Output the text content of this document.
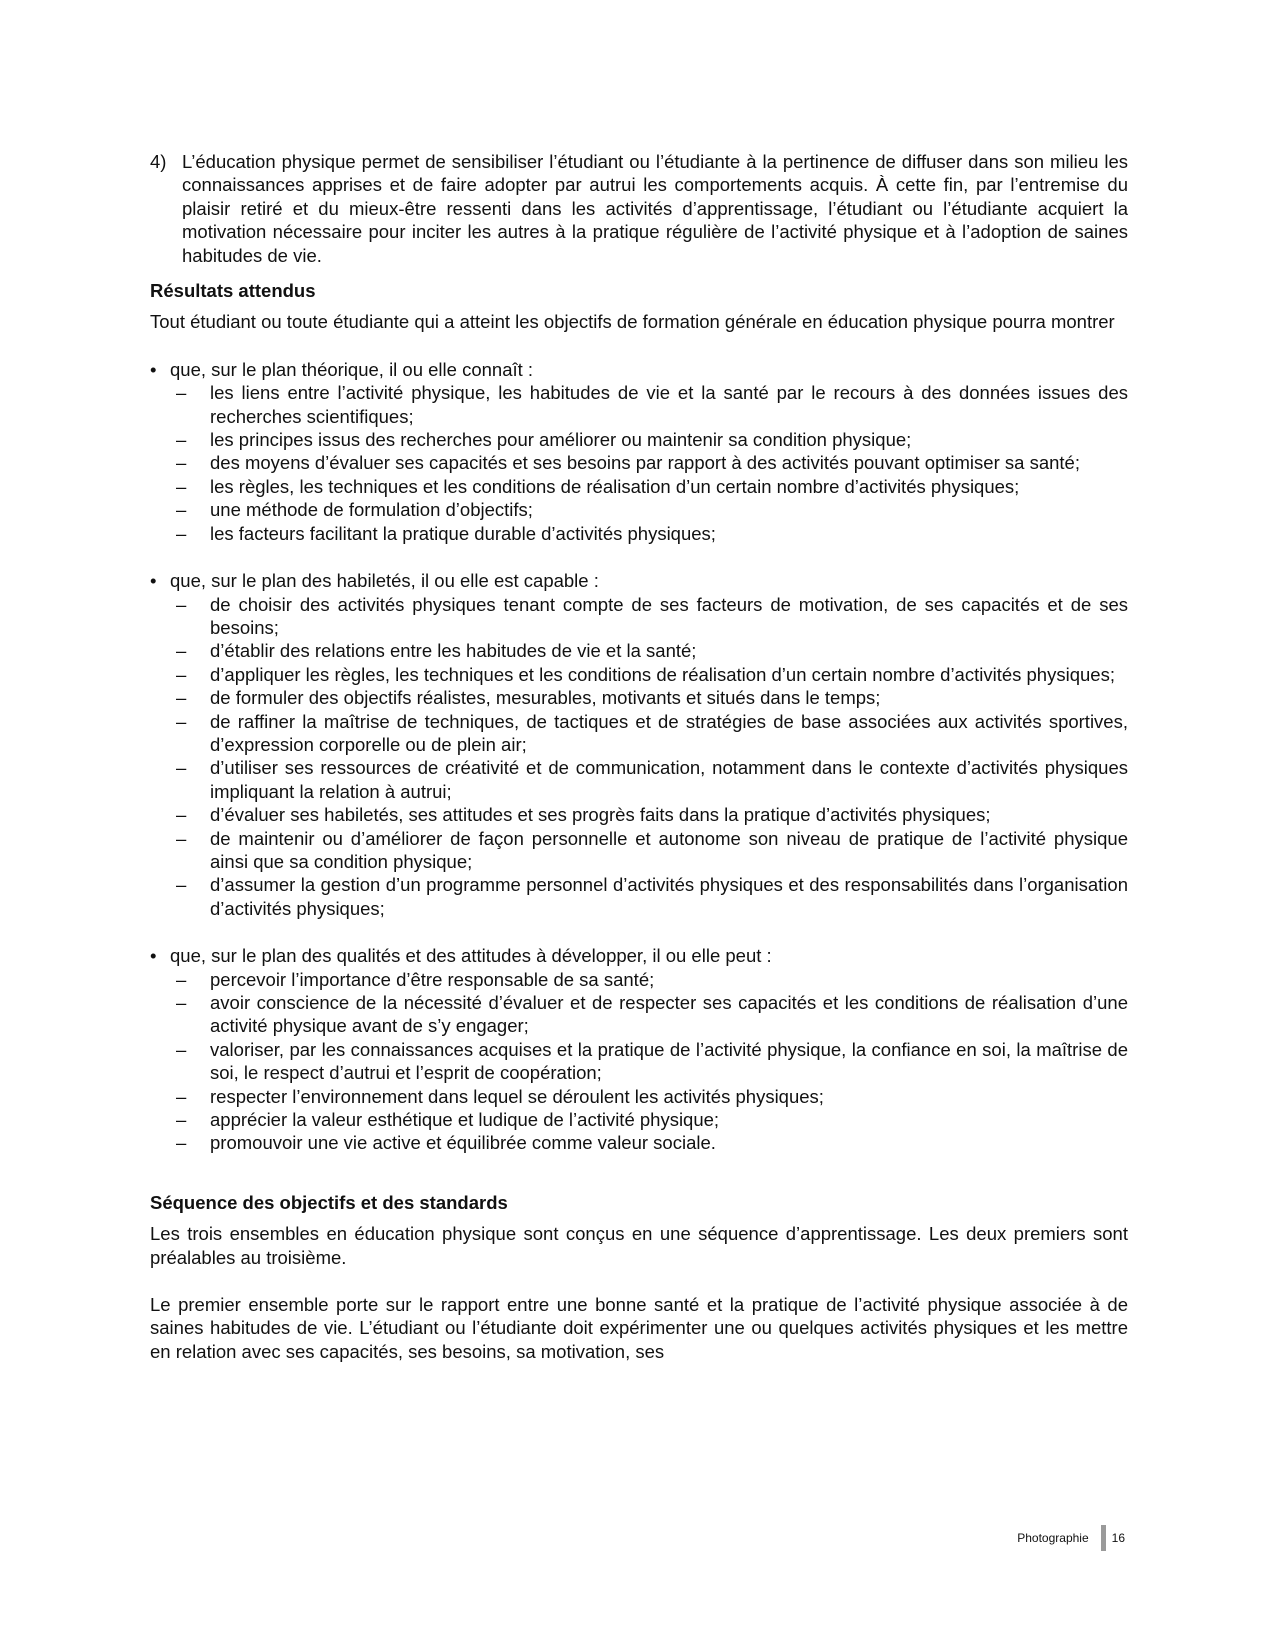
4) L’éducation physique permet de sensibiliser l’étudiant ou l’étudiante à la pertinence de diffuser dans son milieu les connaissances apprises et de faire adopter par autrui les comportements acquis. À cette fin, par l’entremise du plaisir retiré et du mieux-être ressenti dans les activités d’apprentissage, l’étudiant ou l’étudiante acquiert la motivation nécessaire pour inciter les autres à la pratique régulière de l’activité physique et à l’adoption de saines habitudes de vie.
Résultats attendus

Tout étudiant ou toute étudiante qui a atteint les objectifs de formation générale en éducation physique pourra montrer

• que, sur le plan théorique, il ou elle connaît :
–	les liens entre l’activité physique, les habitudes de vie et la santé par le recours à des données issues des recherches scientifiques;
–	les principes issus des recherches pour améliorer ou maintenir sa condition physique;
–	des moyens d’évaluer ses capacités et ses besoins par rapport à des activités pouvant optimiser sa santé;
–	les règles, les techniques et les conditions de réalisation d’un certain nombre d’activités physiques;
–	une méthode de formulation d’objectifs;
–	les facteurs facilitant la pratique durable d’activités physiques;
• que, sur le plan des habiletés, il ou elle est capable :
–	de choisir des activités physiques tenant compte de ses facteurs de motivation, de ses capacités et de ses besoins;
–	d’établir des relations entre les habitudes de vie et la santé;
–	d’appliquer les règles, les techniques et les conditions de réalisation d’un certain nombre d’activités physiques;
–	de formuler des objectifs réalistes, mesurables, motivants et situés dans le temps;
–	de raffiner la maîtrise de techniques, de tactiques et de stratégies de base associées aux activités sportives, d’expression corporelle ou de plein air;
–	d’utiliser ses ressources de créativité et de communication, notamment dans le contexte d’activités physiques impliquant la relation à autrui;
–	d’évaluer ses habiletés, ses attitudes et ses progrès faits dans la pratique d’activités physiques;
–	de maintenir ou d’améliorer de façon personnelle et autonome son niveau de pratique de l’activité physique ainsi que sa condition physique;
–	d’assumer la gestion d’un programme personnel d’activités physiques et des responsabilités dans l’organisation d’activités physiques;
• que, sur le plan des qualités et des attitudes à développer, il ou elle peut :
–	percevoir l’importance d’être responsable de sa santé;
–	avoir conscience de la nécessité d’évaluer et de respecter ses capacités et les conditions de réalisation d’une activité physique avant de s’y engager;
–	valoriser, par les connaissances acquises et la pratique de l’activité physique, la confiance en soi, la maîtrise de soi, le respect d’autrui et l’esprit de coopération;
–	respecter l’environnement dans lequel se déroulent les activités physiques;
–	apprécier la valeur esthétique et ludique de l’activité physique;
–	promouvoir une vie active et équilibrée comme valeur sociale.
Séquence des objectifs et des standards

Les trois ensembles en éducation physique sont conçus en une séquence d’apprentissage. Les deux premiers sont préalables au troisième.

Le premier ensemble porte sur le rapport entre une bonne santé et la pratique de l’activité physique associée à de saines habitudes de vie. L’étudiant ou l’étudiante doit expérimenter une ou quelques activités physiques et les mettre en relation avec ses capacités, ses besoins, sa motivation, ses

Photographie 16
